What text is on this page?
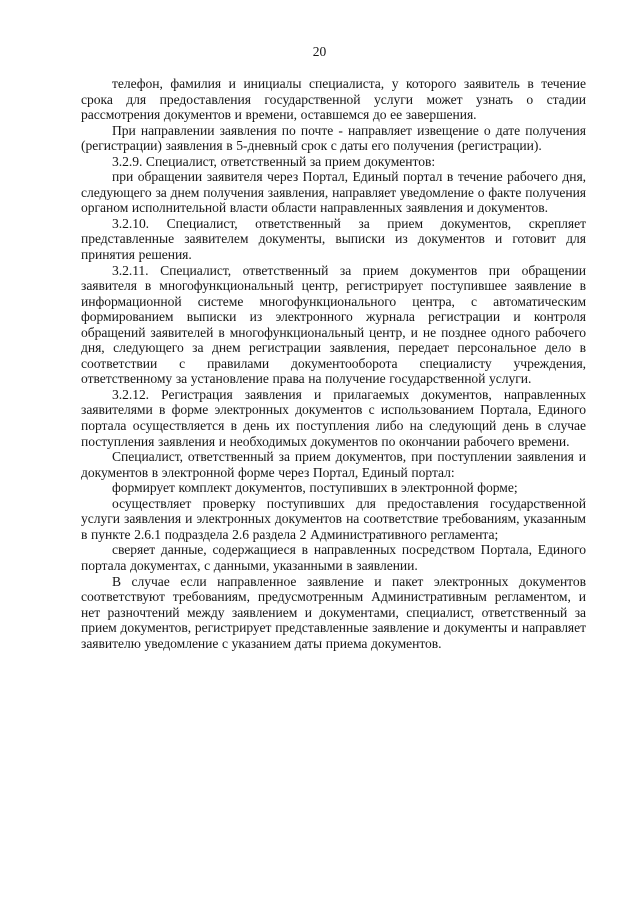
20

телефон, фамилия и инициалы специалиста, у которого заявитель в течение срока для предоставления государственной услуги может узнать о стадии рассмотрения документов и времени, оставшемся до ее завершения.

При направлении заявления по почте - направляет извещение о дате получения (регистрации) заявления в 5-дневный срок с даты его получения (регистрации).

3.2.9. Специалист, ответственный за прием документов:

при обращении заявителя через Портал, Единый портал в течение рабочего дня, следующего за днем получения заявления, направляет уведомление о факте получения органом исполнительной власти области направленных заявления и документов.

3.2.10. Специалист, ответственный за прием документов, скрепляет представленные заявителем документы, выписки из документов и готовит для принятия решения.

3.2.11. Специалист, ответственный за прием документов при обращении заявителя в многофункциональный центр, регистрирует поступившее заявление в информационной системе многофункционального центра, с автоматическим формированием выписки из электронного журнала регистрации и контроля обращений заявителей в многофункциональный центр, и не позднее одного рабочего дня, следующего за днем регистрации заявления, передает персональное дело в соответствии с правилами документооборота специалисту учреждения, ответственному за установление права на получение государственной услуги.

3.2.12. Регистрация заявления и прилагаемых документов, направленных заявителями в форме электронных документов с использованием Портала, Единого портала осуществляется в день их поступления либо на следующий день в случае поступления заявления и необходимых документов по окончании рабочего времени.

Специалист, ответственный за прием документов, при поступлении заявления и документов в электронной форме через Портал, Единый портал:

формирует комплект документов, поступивших в электронной форме;

осуществляет проверку поступивших для предоставления государственной услуги заявления и электронных документов на соответствие требованиям, указанным в пункте 2.6.1 подраздела 2.6 раздела 2 Административного регламента;

сверяет данные, содержащиеся в направленных посредством Портала, Единого портала документах, с данными, указанными в заявлении.

В случае если направленное заявление и пакет электронных документов соответствуют требованиям, предусмотренным Административным регламентом, и нет разночтений между заявлением и документами, специалист, ответственный за прием документов, регистрирует представленные заявление и документы и направляет заявителю уведомление с указанием даты приема документов.
